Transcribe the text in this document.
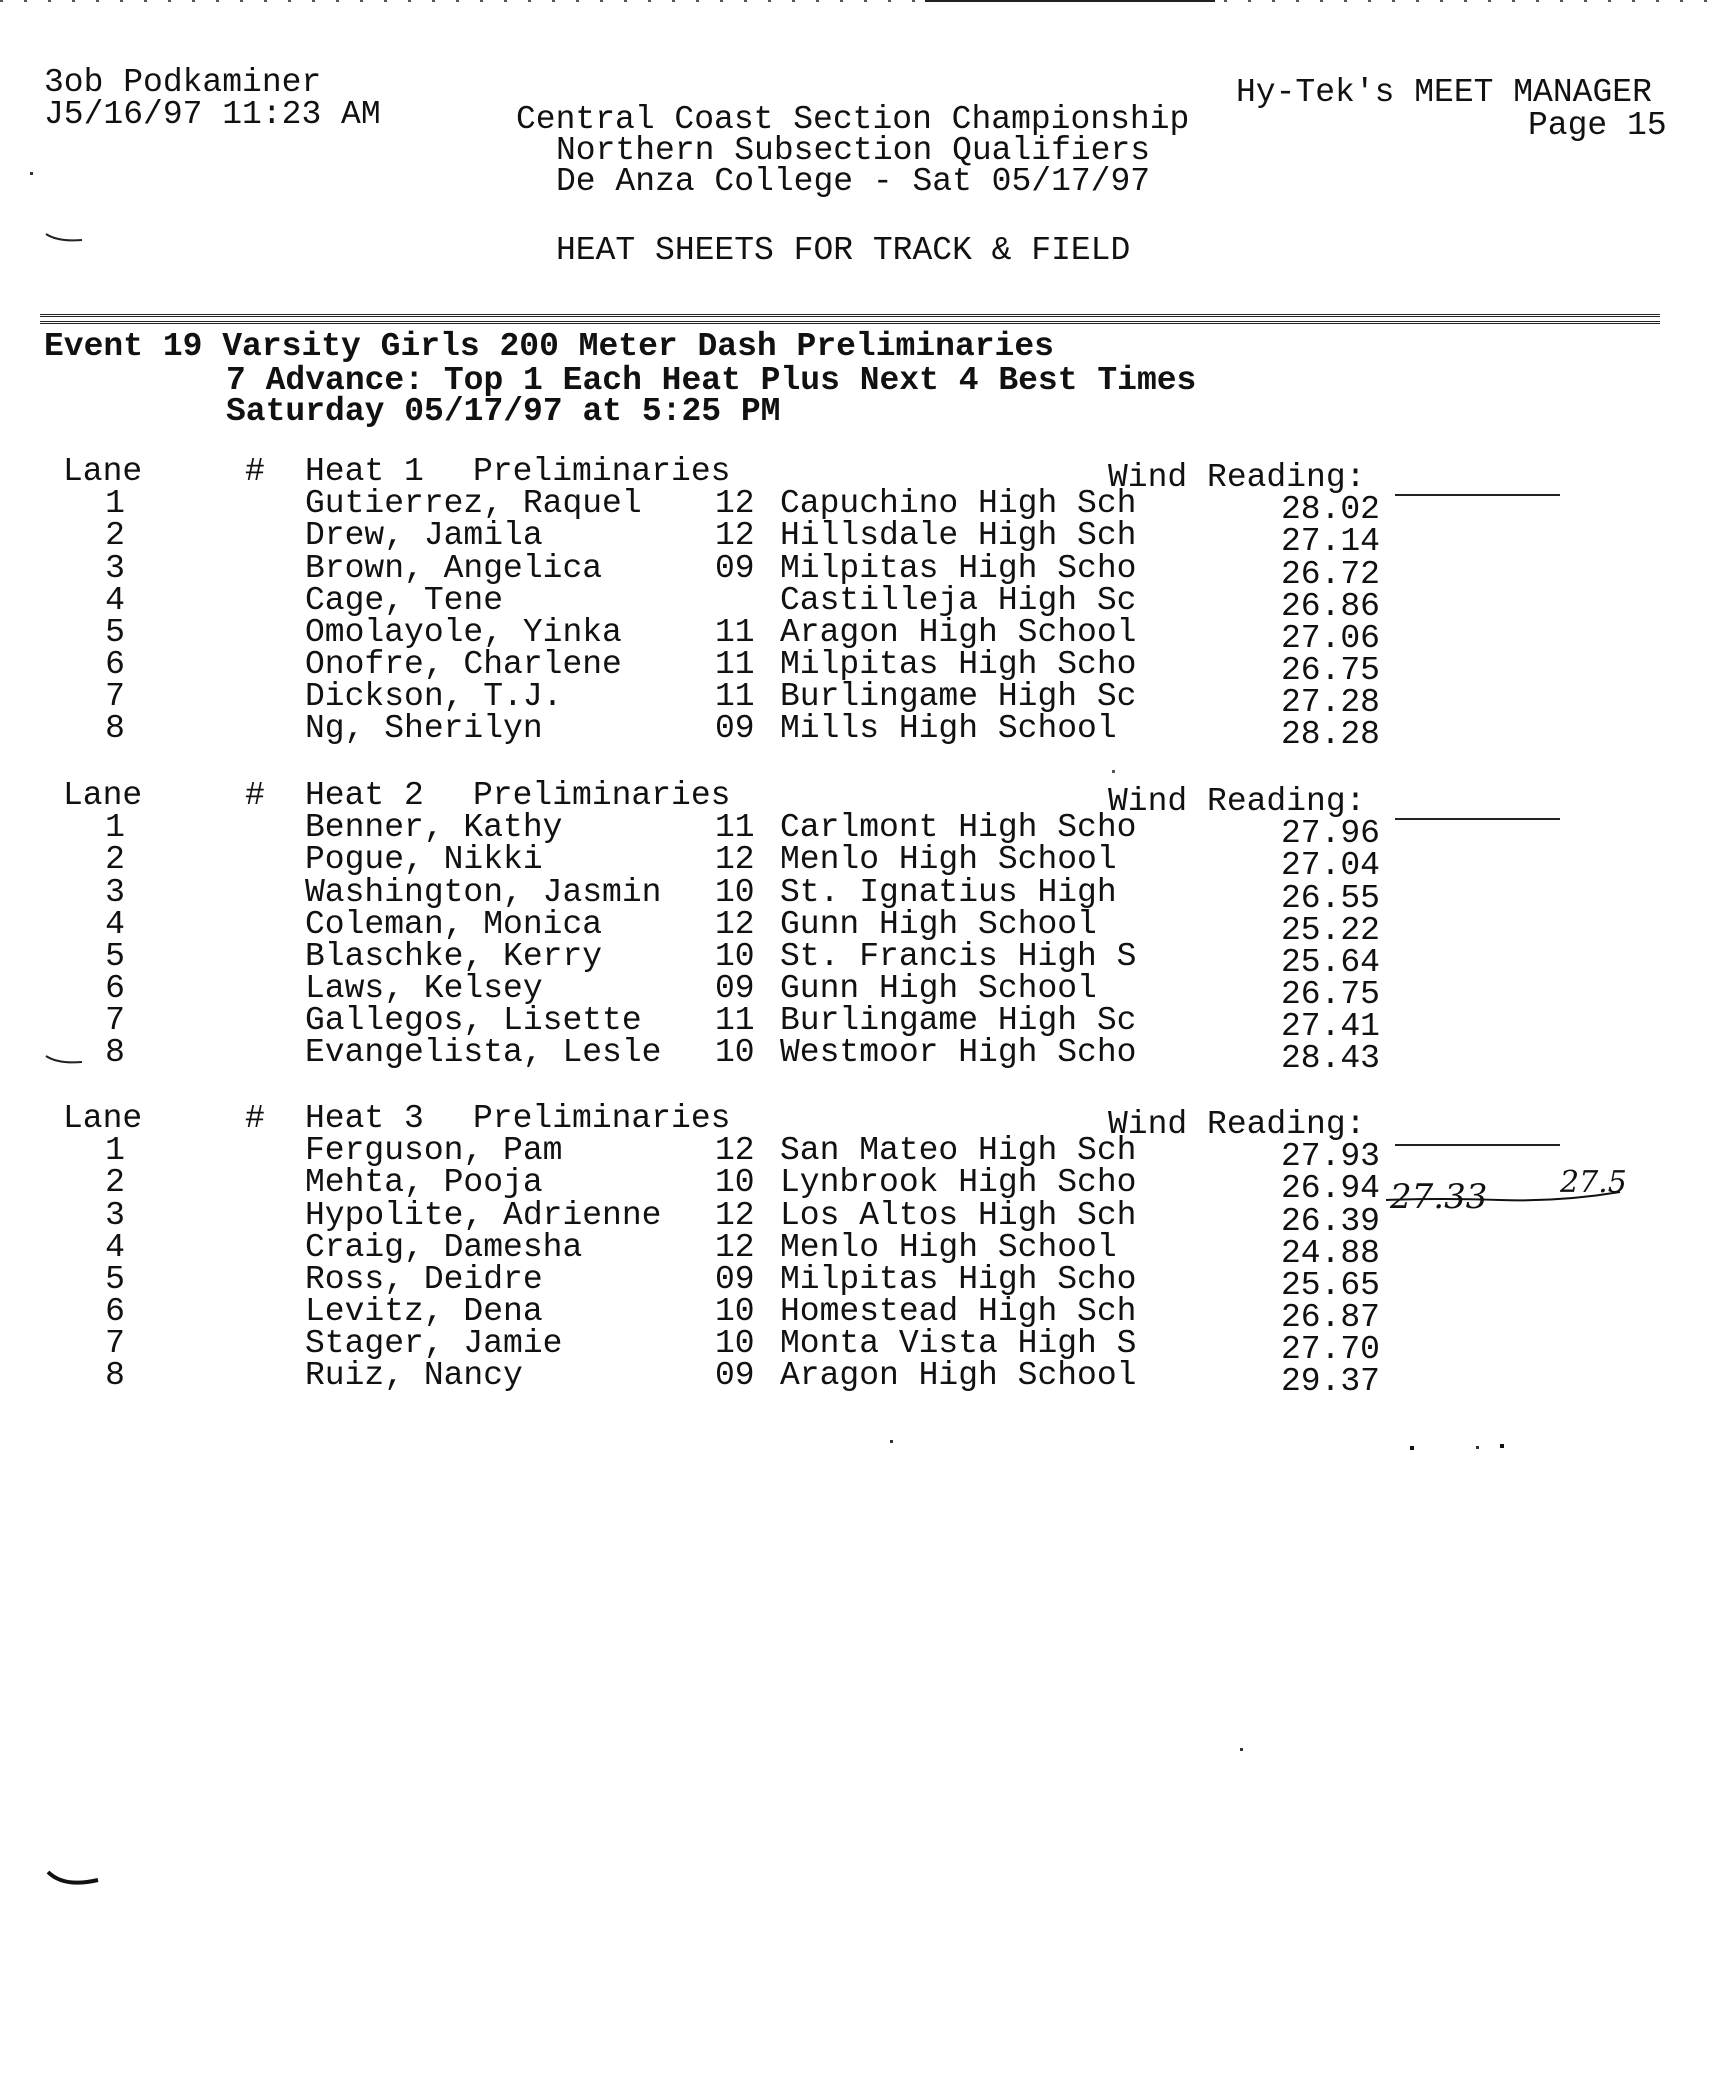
3ob Podkaminer
J5/16/97 11:23 AM
Hy-Tek's MEET MANAGER
Page 15
Central Coast Section Championship
Northern Subsection Qualifiers
De Anza College - Sat 05/17/97
HEAT SHEETS FOR TRACK & FIELD
Event 19 Varsity Girls 200 Meter Dash Preliminaries
7 Advance: Top 1 Each Heat Plus Next 4 Best Times
Saturday 05/17/97 at 5:25 PM
Lane	# Heat 1 Preliminaries	Wind Reading:
1	Gutierrez, Raquel 12 Capuchino High Sch	28.02
2	Drew, Jamila	12 Hillsdale High Sch	27.14
3	Brown, Angelica	09 Milpitas High Scho	26.72
4	Cage, Tene	Castilleja High Sc	26.86
5	Omolayole, Yinka	11 Aragon High School	27.06
6	Onofre, Charlene	11 Milpitas High Scho	26.75
7	Dickson, T.J.	11 Burlingame High Sc	27.28
8	Ng, Sherilyn	09 Mills High School	28.28
Lane	# Heat 2 Preliminaries	Wind Reading:
1	Benner, Kathy	11 Carlmont High Scho	27.96
2	Pogue, Nikki	12 Menlo High School	27.04
3	Washington, Jasmin 10 St. Ignatius High	26.55
4	Coleman, Monica	12 Gunn High School	25.22
5	Blaschke, Kerry	10 St. Francis High S	25.64
6	Laws, Kelsey	09 Gunn High School	26.75
7	Gallegos, Lisette 11 Burlingame High Sc	27.41
8	Evangelista, Lesle 10 Westmoor High Scho	28.43
Lane	# Heat 3 Preliminaries	Wind Reading:
1	Ferguson, Pam	12 San Mateo High Sch	27.93
2	Mehta, Pooja	10 Lynbrook High Scho	26.94
3	Hypolite, Adrienne 12 Los Altos High Sch	26.39
4	Craig, Damesha	12 Menlo High School	24.88
5	Ross, Deidre	09 Milpitas High Scho	25.65
6	Levitz, Dena	10 Homestead High Sch	26.87
7	Stager, Jamie	10 Monta Vista High S	27.70
8	Ruiz, Nancy	09 Aragon High School	29.37
27.33 27.5
